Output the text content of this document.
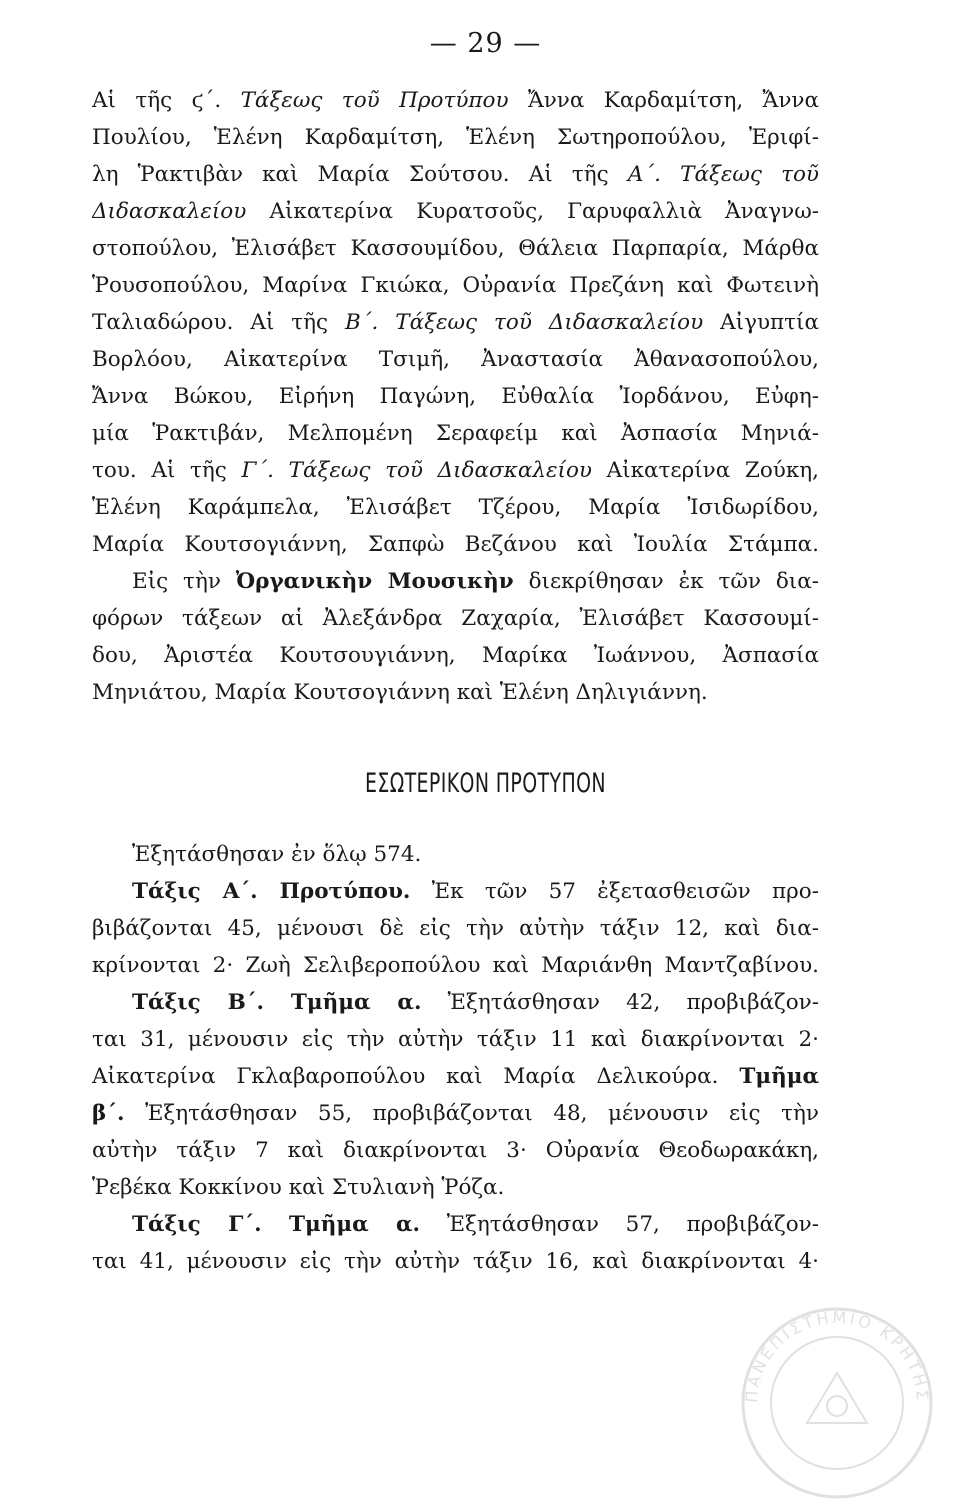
— 29 —
Αἱ τῆς ϛ΄. Τάξεως τοῦ Προτύπου Ἄννα Καρδαμίτση, Ἄννα
Πουλίου, Ἑλένη Καρδαμίτση, Ἑλένη Σωτηροπούλου, Ἐριφί-
λη Ῥακτιβὰν καὶ Μαρία Σούτσου. Αἱ τῆς Α΄. Τάξεως τοῦ
Διδασκαλείου Αἰκατερίνα Κυρατσοῦς, Γαρυφαλλιὰ Ἀναγνω-
στοπούλου, Ἐλισάβετ Κασσουμίδου, Θάλεια Παρπαρία, Μάρθα
Ῥουσοπούλου, Μαρίνα Γκιώκα, Οὐρανία Πρεζάνη καὶ Φωτεινὴ
Ταλιαδώρου. Αἱ τῆς Β΄. Τάξεως τοῦ Διδασκαλείου Αἰγυπτία
Βορλόου, Αἰκατερίνα Τσιμῆ, Ἀναστασία Ἀθανασοπούλου,
Ἄννα Βώκου, Εἰρήνη Παγώνη, Εὐθαλία Ἰορδάνου, Εὐφη-
μία Ῥακτιβάν, Μελπομένη Σεραφείμ καὶ Ἀσπασία Μηνιά-
του. Αἱ τῆς Γ΄. Τάξεως τοῦ Διδασκαλείου Αἰκατερίνα Ζούκη,
Ἑλένη Καράμπελα, Ἐλισάβετ Τζέρου, Μαρία Ἰσιδωρίδου,
Μαρία Κουτσογιάννη, Σαπφὼ Βεζάνου καὶ Ἰουλία Στάμπα.
Εἰς τὴν Ὀργανικὴν Μουσικὴν διεκρίθησαν ἐκ τῶν δια-
φόρων τάξεων αἱ Ἀλεξάνδρα Ζαχαρία, Ἐλισάβετ Κασσουμί-
δου, Ἀριστέα Κουτσουγιάννη, Μαρίκα Ἰωάννου, Ἀσπασία
Μηνιάτου, Μαρία Κουτσογιάννη καὶ Ἑλένη Δηλιγιάννη.
ΕΣΩΤΕΡΙΚΟΝ ΠΡΟΤΥΠΟΝ
Ἐξητάσθησαν ἐν ὅλῳ 574.
Τάξις Α΄. Προτύπου. Ἐκ τῶν 57 ἐξετασθεισῶν προ-
βιβάζονται 45, μένουσι δὲ εἰς τὴν αὐτὴν τάξιν 12, καὶ δια-
κρίνονται 2· Ζωὴ Σελιβεροπούλου καὶ Μαριάνθη Μαντζαβίνου.
Τάξις Β΄. Τμῆμα α. Ἐξητάσθησαν 42, προβιβάζον-
ται 31, μένουσιν εἰς τὴν αὐτὴν τάξιν 11 καὶ διακρίνονται 2·
Αἰκατερίνα Γκλαβαροπούλου καὶ Μαρία Δελικούρα. Τμῆμα
β΄. Ἐξητάσθησαν 55, προβιβάζονται 48, μένουσιν εἰς τὴν
αὐτὴν τάξιν 7 καὶ διακρίνονται 3· Οὐρανία Θεοδωρακάκη,
Ῥεβέκα Κοκκίνου καὶ Στυλιανὴ Ῥόζα.
Τάξις Γ΄. Τμῆμα α. Ἐξητάσθησαν 57, προβιβάζον-
ται 41, μένουσιν εἰς τὴν αὐτὴν τάξιν 16, καὶ διακρίνονται 4·
ΠΑΝΕΠΙΣΤΗΜΙΟ ΚΡΗΤΗΣ
